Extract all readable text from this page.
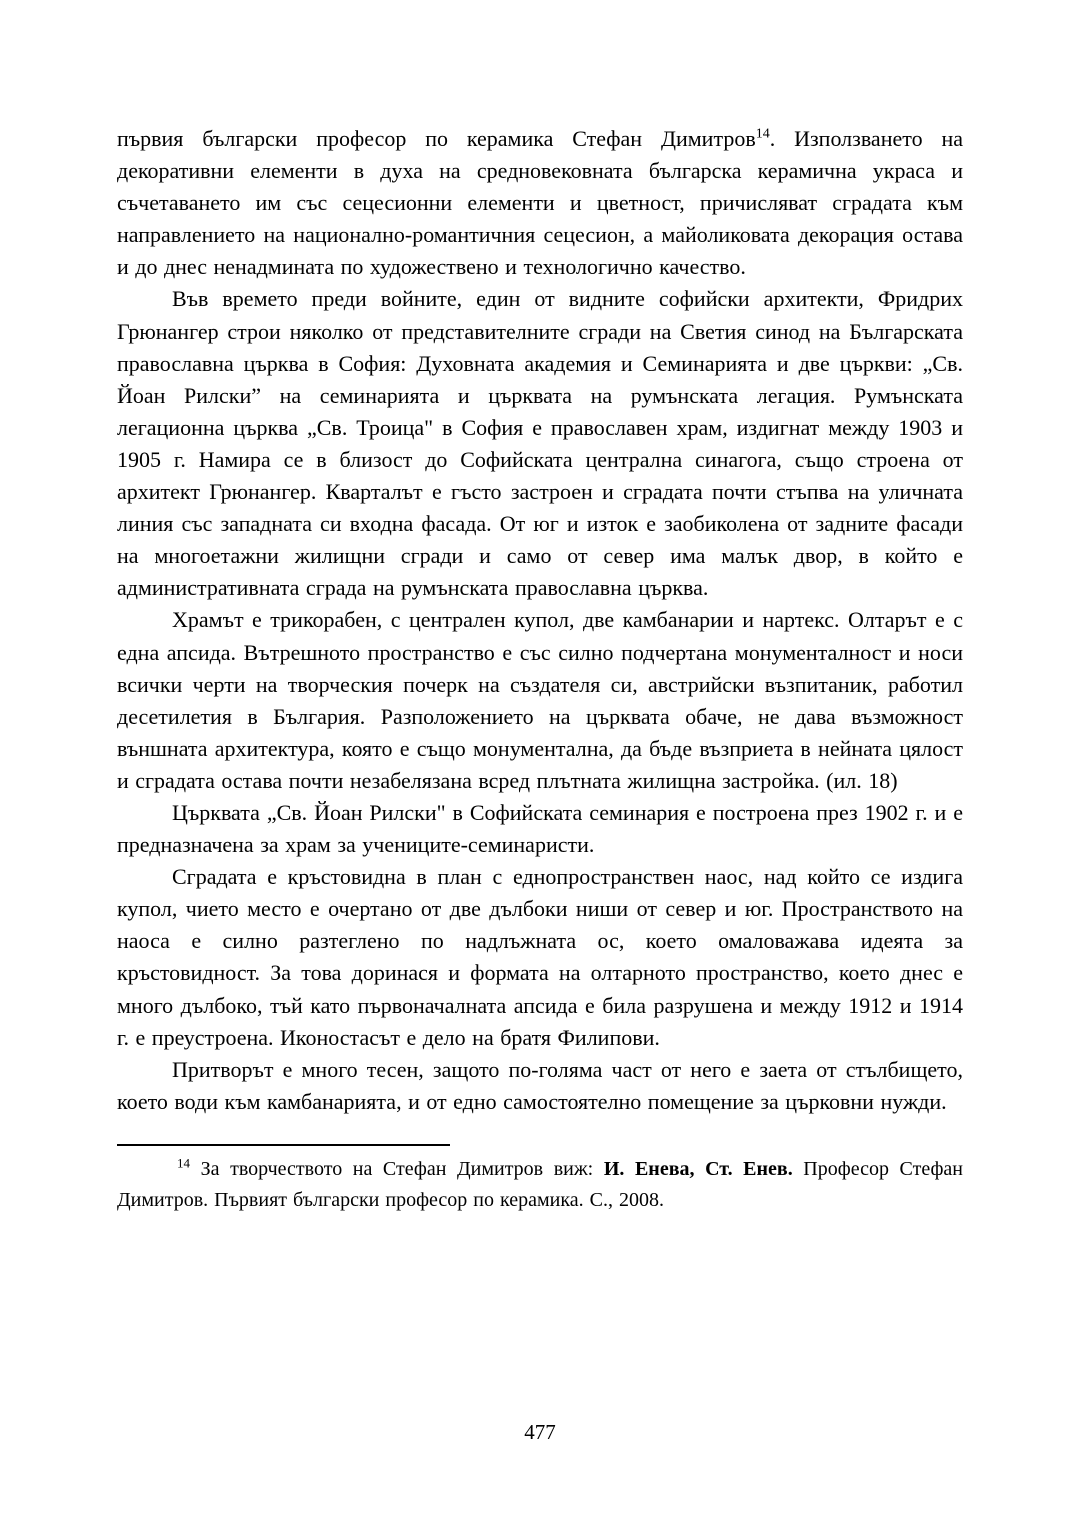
първия български професор по керамика Стефан Димитров$^{14}$. Използването на декоративни елементи в духа на средновековната българска керамична украса и съчетаването им със сецесионни елементи и цветност, причисляват сградата към направлението на национално-романтичния сецесион, а майоликовата декорация остава и до днес ненадмината по художествено и технологично качество.

Във времето преди войните, един от видните софийски архитекти, Фридрих Грюнангер строи няколко от представителните сгради на Светия синод на Българската православна църква в София: Духовната академия и Семинарията и две църкви: „Св. Йоан Рилски” на семинарията и църквата на румънската легация. Румънската легационна църква „Св. Троица" в София е православен храм, издигнат между 1903 и 1905 г. Намира се в близост до Софийската централна синагога, също строена от архитект Грюнангер. Кварталът е гъсто застроен и сградата почти стъпва на уличната линия със западната си входна фасада. От юг и изток е заобиколена от задните фасади на многоетажни жилищни сгради и само от север има малък двор, в който е административната сграда на румънската православна църква.

Храмът е трикорабен, с централен купол, две камбанарии и нартекс. Олтарът е с една апсида. Вътрешното пространство е със силно подчертана монументалност и носи всички черти на творческия почерк на създателя си, австрийски възпитаник, работил десетилетия в България. Разположението на църквата обаче, не дава възможност външната архитектура, която е също монументална, да бъде възприета в нейната цялост и сградата остава почти незабелязана всред плътната жилищна застройка. (ил. 18)

Църквата „Св. Йоан Рилски" в Софийската семинария е построена през 1902 г. и е предназначена за храм за учениците-семинаристи.

Сградата е кръстовидна в план с еднопространствен наос, над който се издига купол, чието место е очертано от две дълбоки ниши от север и юг. Пространството на наоса е силно разтеглено по надлъжната ос, което омаловажава идеята за кръстовидност. За това доринася и формата на олтарното пространство, което днес е много дълбоко, тъй като първоначалната апсида е била разрушена и между 1912 и 1914 г. е преустроена. Иконостасът е дело на братя Филипови.

Притворът е много тесен, защото по-голяма част от него е заета от стълбището, което води към камбанарията, и от едно самостоятелно помещение за църковни нужди.

$^{14}$ За творчеството на Стефан Димитров виж: И. Енева, Ст. Енев. Професор Стефан Димитров. Първият български професор по керамика. С., 2008.

477
